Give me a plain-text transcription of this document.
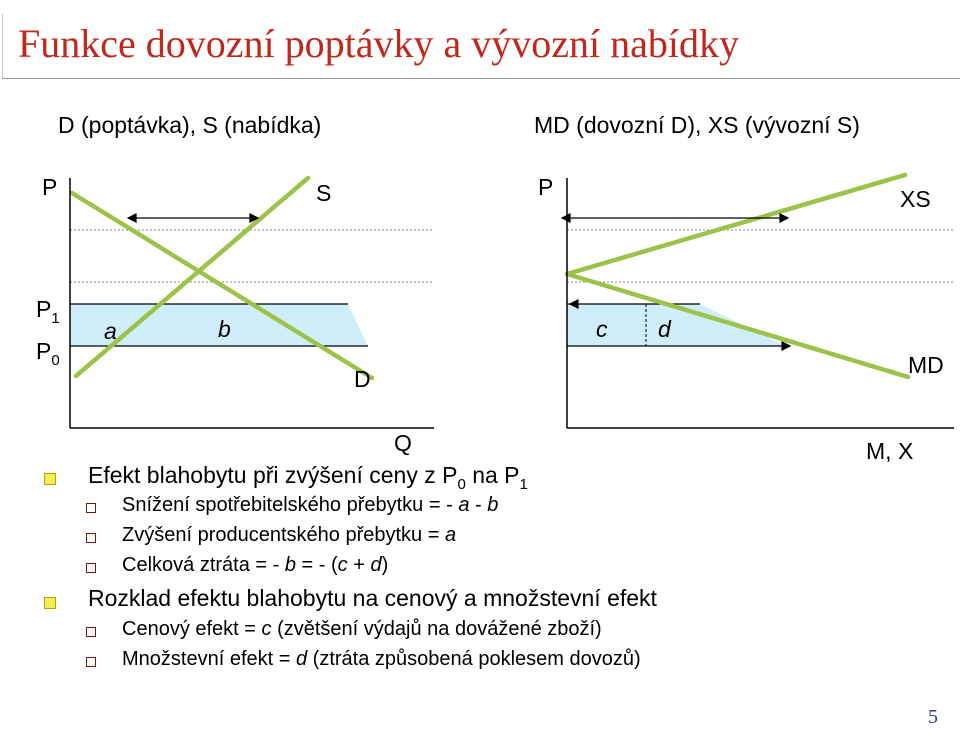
Funkce dovozní poptávky a vývozní nabídky
D (poptávka), S (nabídka)	MD (dovozní D), XS (vývozní S)
P	S
D
Q
$P_1$
$P_0$
a	b
P	XS
MD
M, X
c d
Efekt blahobytu při zvýšení ceny z $P_0$ na $P_1$
Snížení spotřebitelského přebytku = - a - b
Zvýšení producentského přebytku = a
Celková ztráta = - b = - (c + d)
Rozklad efektu blahobytu na cenový a množstevní efekt
Cenový efekt = c (zvětšení výdajů na dovážené zboží)
Množstevní efekt = d (ztráta způsobená poklesem dovozů)
5
